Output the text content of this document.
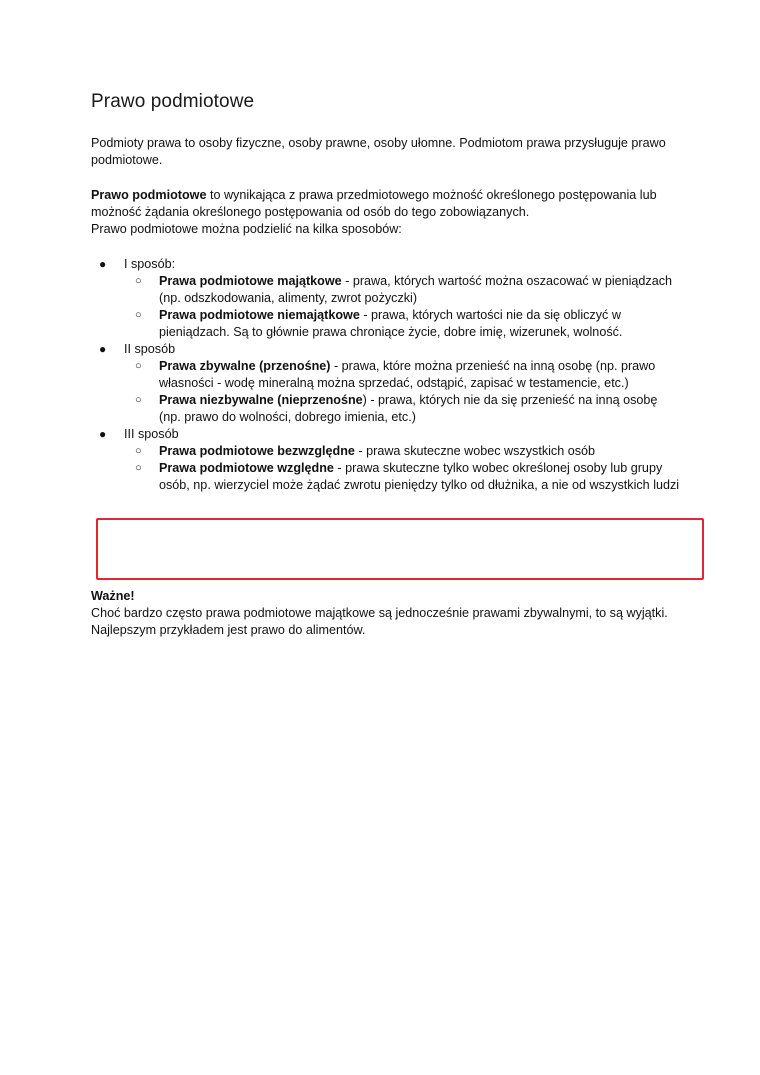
Prawo podmiotowe
Podmioty prawa to osoby fizyczne, osoby prawne, osoby ułomne. Podmiotom prawa przysługuje prawo podmiotowe.
Prawo podmiotowe to wynikająca z prawa przedmiotowego możność określonego postępowania lub możność żądania określonego postępowania od osób do tego zobowiązanych.
Prawo podmiotowe można podzielić na kilka sposobów:
● I sposób:
○ Prawa podmiotowe majątkowe - prawa, których wartość można oszacować w pieniądzach (np. odszkodowania, alimenty, zwrot pożyczki)
○ Prawa podmiotowe niemajątkowe - prawa, których wartości nie da się obliczyć w pieniądzach. Są to głównie prawa chroniące życie, dobre imię, wizerunek, wolność.
● II sposób
○ Prawa zbywalne (przenośne) - prawa, które można przenieść na inną osobę (np. prawo własności - wodę mineralną można sprzedać, odstąpić, zapisać w testamencie, etc.)
○ Prawa niezbywalne (nieprzenośne) - prawa, których nie da się przenieść na inną osobę (np. prawo do wolności, dobrego imienia, etc.)
● III sposób
○ Prawa podmiotowe bezwzględne - prawa skuteczne wobec wszystkich osób
○ Prawa podmiotowe względne - prawa skuteczne tylko wobec określonej osoby lub grupy osób, np. wierzyciel może żądać zwrotu pieniędzy tylko od dłużnika, a nie od wszystkich ludzi
Ważne!
Choć bardzo często prawa podmiotowe majątkowe są jednocześnie prawami zbywalnymi, to są wyjątki. Najlepszym przykładem jest prawo do alimentów.
